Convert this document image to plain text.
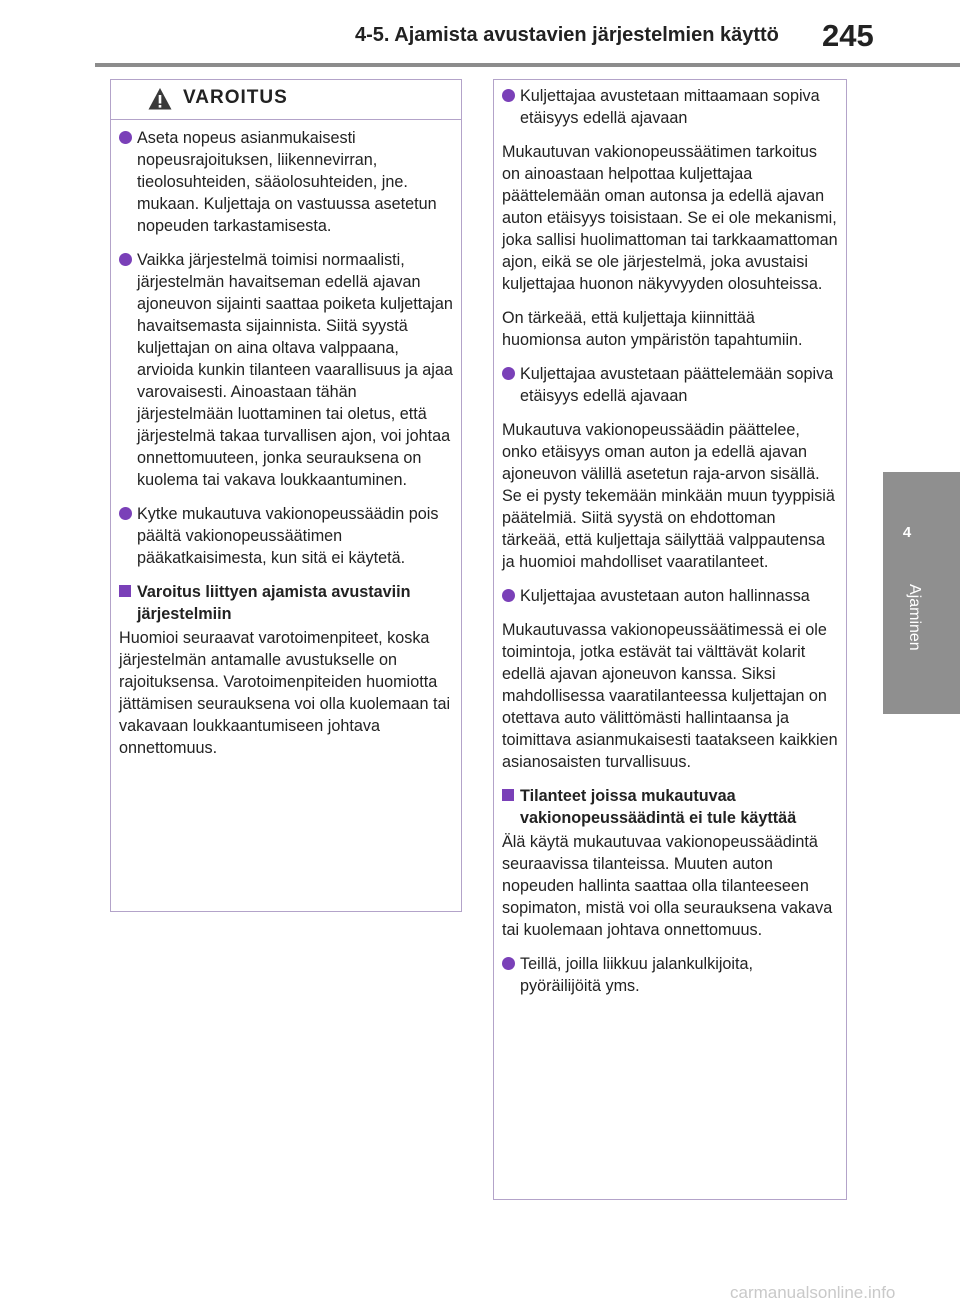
4-5. Ajamista avustavien järjestelmien käyttö 245
4
Ajaminen
VAROITUS
Aseta nopeus asianmukaisesti nopeusrajoituksen, liikennevirran, tieolosuhteiden, sääolosuhteiden, jne. mukaan. Kuljettaja on vastuussa asetetun nopeuden tarkastamisesta.
Vaikka järjestelmä toimisi normaalisti, järjestelmän havaitseman edellä ajavan ajoneuvon sijainti saattaa poiketa kuljettajan havaitsemasta sijainnista. Siitä syystä kuljettajan on aina oltava valppaana, arvioida kunkin tilanteen vaarallisuus ja ajaa varovaisesti. Ainoastaan tähän järjestelmään luottaminen tai oletus, että järjestelmä takaa turvallisen ajon, voi johtaa onnettomuuteen, jonka seurauksena on kuolema tai vakava loukkaantuminen.
Kytke mukautuva vakionopeussäädin pois päältä vakionopeussäätimen pääkatkaisimesta, kun sitä ei käytetä.
Varoitus liittyen ajamista avustaviin järjestelmiin

Huomioi seuraavat varotoimenpiteet, koska järjestelmän antamalle avustukselle on rajoituksensa. Varotoimenpiteiden huomiotta jättämisen seurauksena voi olla kuolemaan tai vakavaan loukkaantumiseen johtava onnettomuus.

Kuljettajaa avustetaan mittaamaan sopiva etäisyys edellä ajavaan

Mukautuvan vakionopeussäätimen tarkoitus on ainoastaan helpottaa kuljettajaa päättelemään oman autonsa ja edellä ajavan auton etäisyys toisistaan. Se ei ole mekanismi, joka sallisi huolimattoman tai tarkkaamattoman ajon, eikä se ole järjestelmä, joka avustaisi kuljettajaa huonon näkyvyyden olosuhteissa.

On tärkeää, että kuljettaja kiinnittää huomionsa auton ympäristön tapahtumiin.

Kuljettajaa avustetaan päättelemään sopiva etäisyys edellä ajavaan

Mukautuva vakionopeussäädin päättelee, onko etäisyys oman auton ja edellä ajavan ajoneuvon välillä asetetun raja-arvon sisällä. Se ei pysty tekemään minkään muun tyyppisiä päätelmiä. Siitä syystä on ehdottoman tärkeää, että kuljettaja säilyttää valppautensa ja huomioi mahdolliset vaaratilanteet.

Kuljettajaa avustetaan auton hallinnassa

Mukautuvassa vakionopeussäätimessä ei ole toimintoja, jotka estävät tai välttävät kolarit edellä ajavan ajoneuvon kanssa. Siksi mahdollisessa vaaratilanteessa kuljettajan on otettava auto välittömästi hallintaansa ja toimittava asianmukaisesti taatakseen kaikkien asianosaisten turvallisuus.

Tilanteet joissa mukautuvaa vakionopeussäädintä ei tule käyttää

Älä käytä mukautuvaa vakionopeussäädintä seuraavissa tilanteissa. Muuten auton nopeuden hallinta saattaa olla tilanteeseen sopimaton, mistä voi olla seurauksena vakava tai kuolemaan johtava onnettomuus.

Teillä, joilla liikkuu jalankulkijoita, pyöräilijöitä yms.
carmanualsonline.info
